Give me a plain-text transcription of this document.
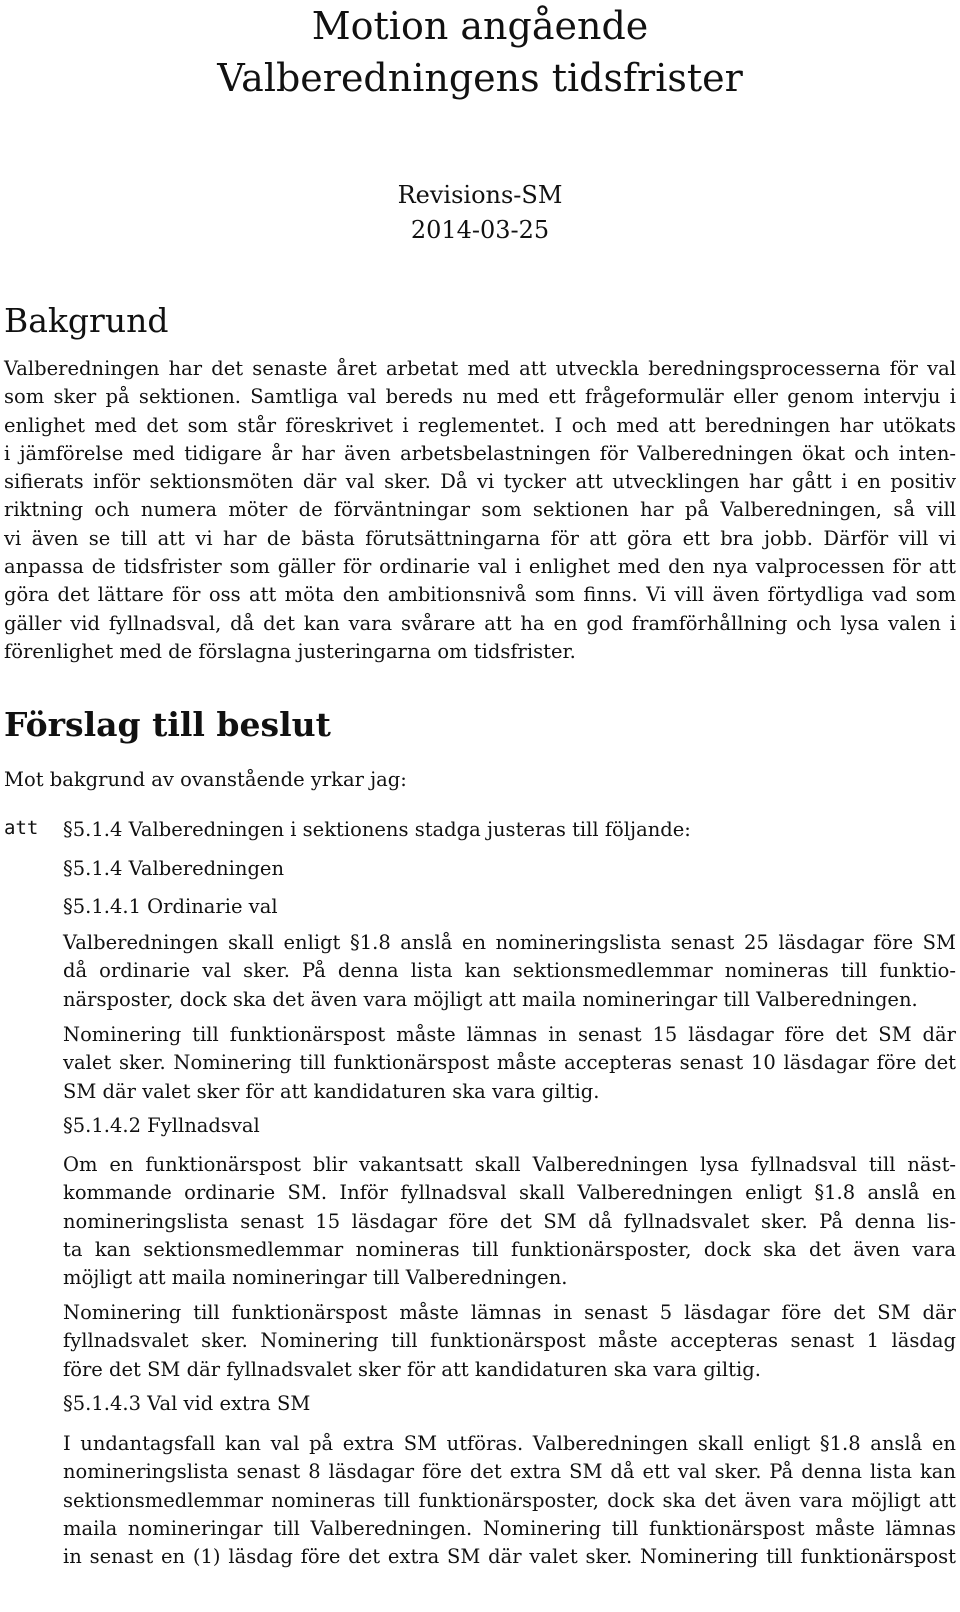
Motion angående
Valberedningens tidsfrister
Revisions-SM
2014-03-25
Bakgrund
Valberedningen har det senaste året arbetat med att utveckla beredningsprocesserna för val
som sker på sektionen. Samtliga val bereds nu med ett frågeformulär eller genom intervju i
enlighet med det som står föreskrivet i reglementet. I och med att beredningen har utökats
i jämförelse med tidigare år har även arbetsbelastningen för Valberedningen ökat och inten-
sifierats inför sektionsmöten där val sker. Då vi tycker att utvecklingen har gått i en positiv
riktning och numera möter de förväntningar som sektionen har på Valberedningen, så vill
vi även se till att vi har de bästa förutsättningarna för att göra ett bra jobb. Därför vill vi
anpassa de tidsfrister som gäller för ordinarie val i enlighet med den nya valprocessen för att
göra det lättare för oss att möta den ambitionsnivå som finns. Vi vill även förtydliga vad som
gäller vid fyllnadsval, då det kan vara svårare att ha en god framförhållning och lysa valen i
förenlighet med de förslagna justeringarna om tidsfrister.
Förslag till beslut
Mot bakgrund av ovanstående yrkar jag:
att §5.1.4 Valberedningen i sektionens stadga justeras till följande:
§5.1.4 Valberedningen
§5.1.4.1 Ordinarie val
Valberedningen skall enligt §1.8 anslå en nomineringslista senast 25 läsdagar före SM
då ordinarie val sker. På denna lista kan sektionsmedlemmar nomineras till funktio-
närsposter, dock ska det även vara möjligt att maila nomineringar till Valberedningen.
Nominering till funktionärspost måste lämnas in senast 15 läsdagar före det SM där
valet sker. Nominering till funktionärspost måste accepteras senast 10 läsdagar före det
SM där valet sker för att kandidaturen ska vara giltig.
§5.1.4.2 Fyllnadsval
Om en funktionärspost blir vakantsatt skall Valberedningen lysa fyllnadsval till näst-
kommande ordinarie SM. Inför fyllnadsval skall Valberedningen enligt §1.8 anslå en
nomineringslista senast 15 läsdagar före det SM då fyllnadsvalet sker. På denna lis-
ta kan sektionsmedlemmar nomineras till funktionärsposter, dock ska det även vara
möjligt att maila nomineringar till Valberedningen.
Nominering till funktionärspost måste lämnas in senast 5 läsdagar före det SM där
fyllnadsvalet sker. Nominering till funktionärspost måste accepteras senast 1 läsdag
före det SM där fyllnadsvalet sker för att kandidaturen ska vara giltig.
§5.1.4.3 Val vid extra SM
I undantagsfall kan val på extra SM utföras. Valberedningen skall enligt §1.8 anslå en
nomineringslista senast 8 läsdagar före det extra SM då ett val sker. På denna lista kan
sektionsmedlemmar nomineras till funktionärsposter, dock ska det även vara möjligt att
maila nomineringar till Valberedningen. Nominering till funktionärspost måste lämnas
in senast en (1) läsdag före det extra SM där valet sker. Nominering till funktionärspost
